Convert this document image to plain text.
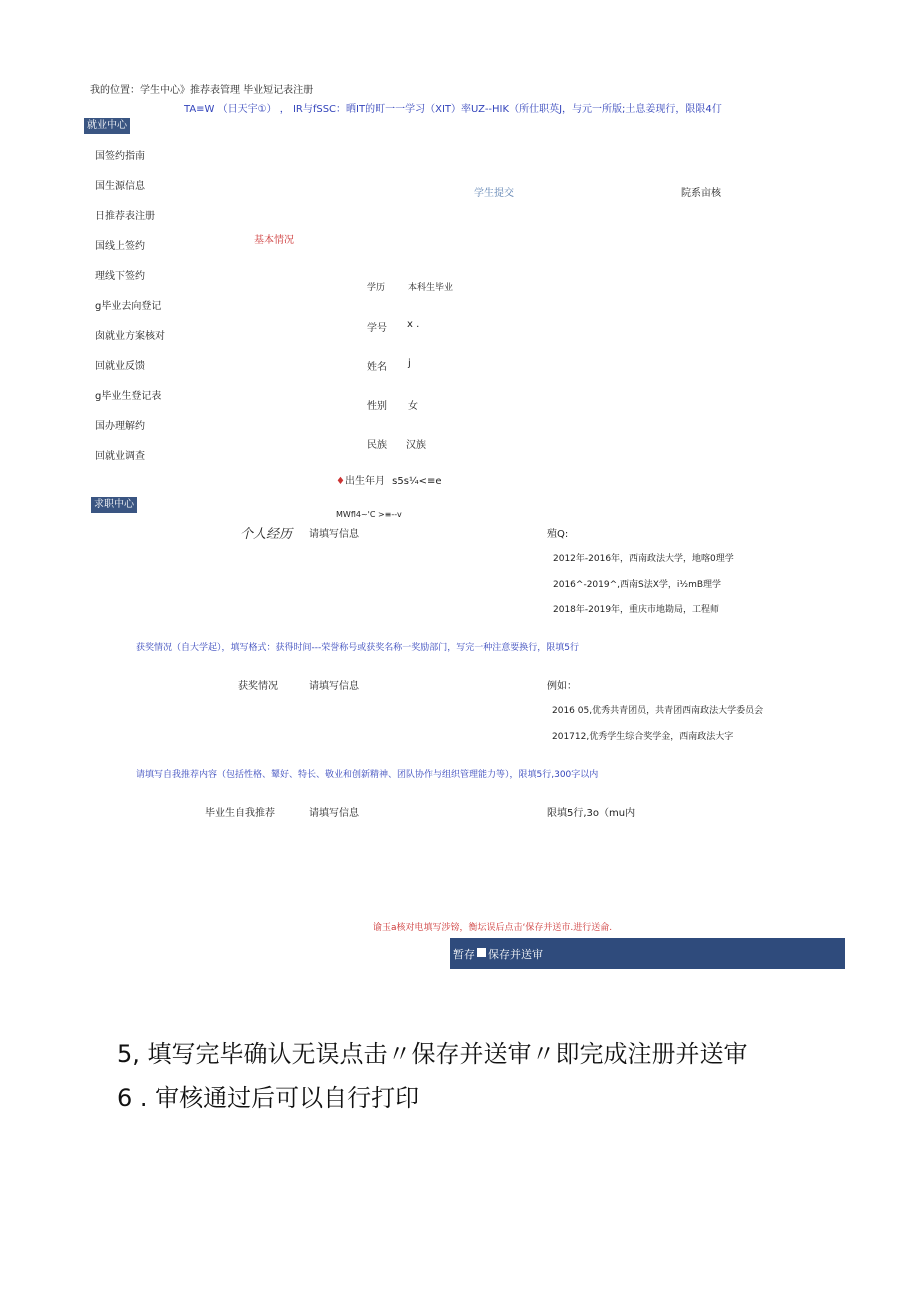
我的位置：学生中心》推荐表管理 毕业短记表注册
TA≡W （日天宇①） ， IR与fSSC：晒IT的町一一学习（XIT）率UZ--HIK（所仕职英J，与元一所版;土息姜现行，限限4仃
就业中心
国签约指南
国生源信息
日推荐表注册
国线上签约
理线下签约
g毕业去向登记
囱就业方案核对
回就业反馈
g毕业生登记表
国办理解约
回就业调查
求职中心
学生提交	院系亩核
基本情况
学历	本科生毕业
学号 x .
姓名 j
性别 女
民族 汉族
♦出生年月 s5s¼<≡e
MWfl4~'C >≡--v
个人经历 请填写信息	殖Q:
2012年-2016年，西南政法大学，地喀0理学
2016^-2019^,西南S法X学，i½mB理学
2018年-2019年，重庆市地勘局，工程师
获奖情况（自大学起），填写格式：获得时间---荣誉称号或获奖名称一奖励部门，写完一种注意要换行，限填5行
获奖情况	请填写信息	例如：
2016 05,优秀共青团员，共青团西南政法大学委员会
201712,优秀学生综合奖学金，西南政法大字
请填写自我推荐内容（包括性格、颦好、特长、敬业和创新精神、团队协作与组织管理能力等），限填5行,300字以内
毕业生自我推荐	请填写信息	限填5行,3o（mu内
谕玉a核对电填写涉镑，衡坛误后点击‘保存并送市.进行送侖.
暂存 保存并送审
5, 填写完毕确认无误点击〃保存并送审〃即完成注册并送审
6 . 审核通过后可以自行打印
